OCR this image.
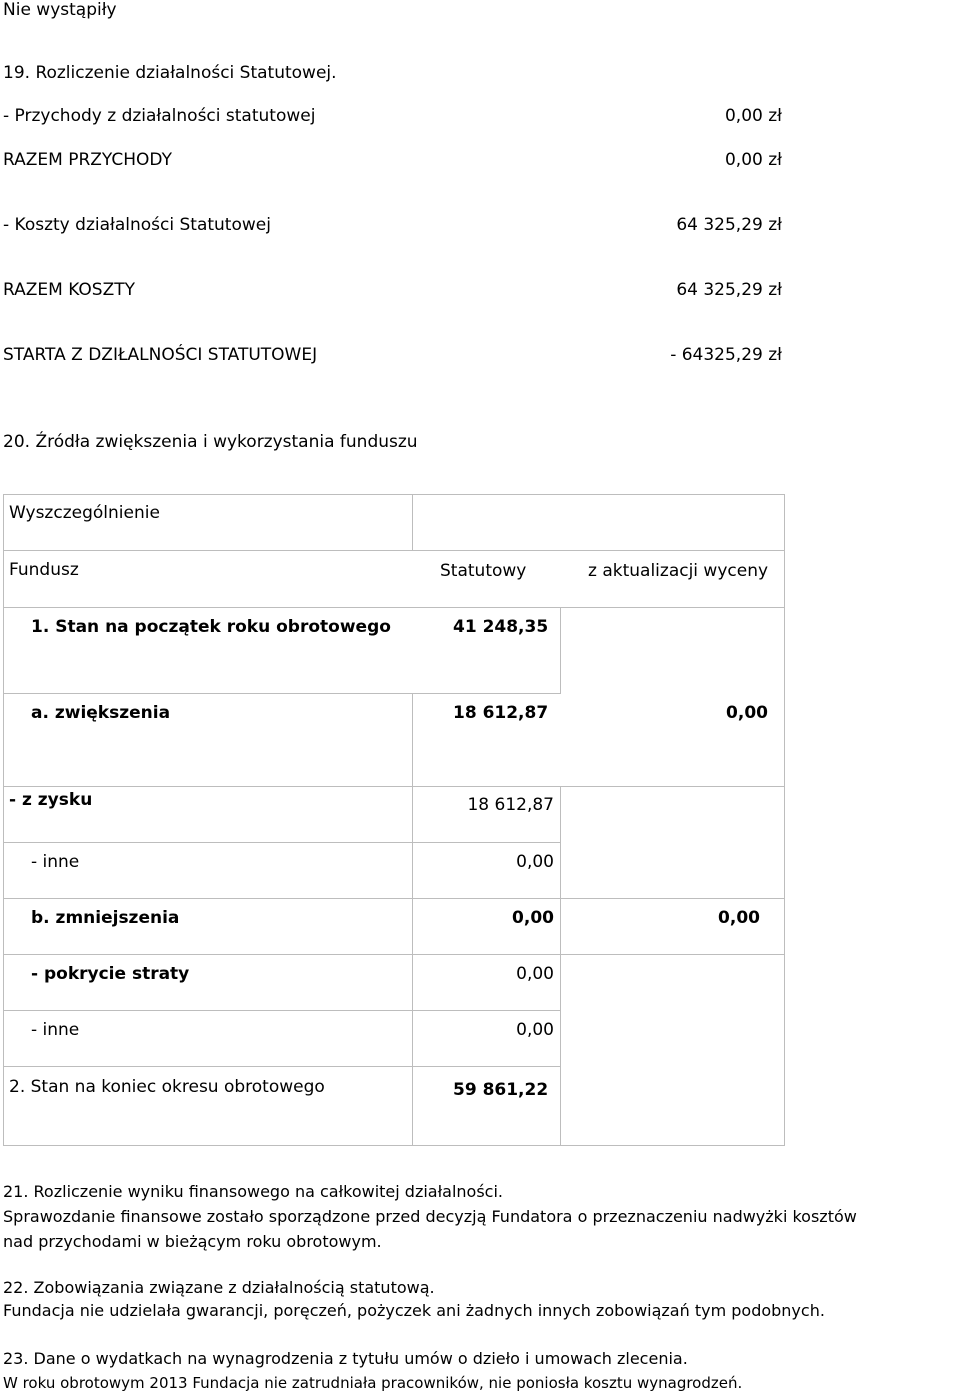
Nie wystąpiły
19. Rozliczenie działalności Statutowej.
- Przychody z działalności statutowej	0,00 zł
RAZEM PRZYCHODY	0,00 zł
- Koszty działalności Statutowej	64 325,29 zł
RAZEM KOSZTY	64 325,29 zł
STARTA Z DZIŁALNOŚCI STATUTOWEJ	- 64325,29 zł
20. Źródła zwiększenia i wykorzystania funduszu
Wyszczególnienie
Fundusz	Statutowy	z aktualizacji wyceny
1. Stan na początek roku obrotowego	41 248,35
a. zwiększenia	18 612,87	0,00
- z zysku	18 612,87
- inne	0,00
b. zmniejszenia	0,00	0,00
- pokrycie straty	0,00
- inne	0,00
2. Stan na koniec okresu obrotowego	59 861,22
21. Rozliczenie wyniku finansowego na całkowitej działalności.
Sprawozdanie finansowe zostało sporządzone przed decyzją Fundatora o przeznaczeniu nadwyżki kosztów
nad przychodami w bieżącym roku obrotowym.
22. Zobowiązania związane z działalnością statutową.
Fundacja nie udzielała gwarancji, poręczeń, pożyczek ani żadnych innych zobowiązań tym podobnych.
23. Dane o wydatkach na wynagrodzenia z tytułu umów o dzieło i umowach zlecenia.
W roku obrotowym 2013 Fundacja nie zatrudniała pracowników, nie poniosła kosztu wynagrodzeń.
